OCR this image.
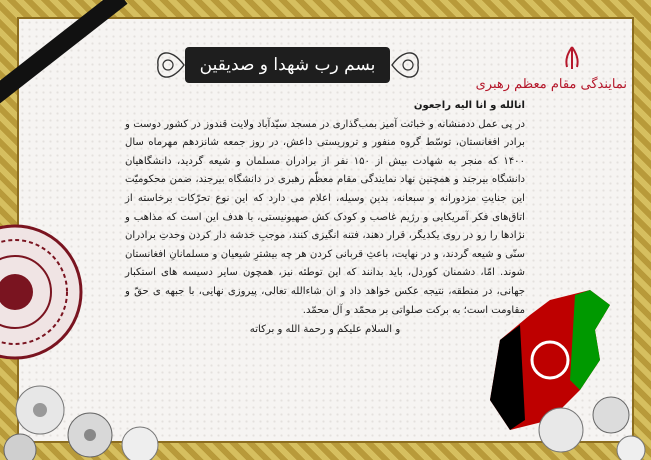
بسم رب شهدا و صدیقین
نمایندگی مقام معظم رهبری
انالله و انا الیه راجعون
در پی عمل ددمنشانه و خباثت آمیز بمب‌گذاری در مسجد سیّدآباد ولایت قندوز در کشور دوست و برادر افغانستان، توسّط گروه منفور و تروریستی داعش، در روز جمعه شانزدهم مهرماه سال ۱۴۰۰ که منجر به شهادت بیش از ۱۵۰ نفر از برادران مسلمان و شیعه گردید، دانشگاهیان دانشگاه بیرجند و همچنین نهاد نمایندگی مقام معظّم رهبری در دانشگاه بیرجند، ضمن محکومیّت این جنایتِ مزدورانه و سبعانه، بدین وسیله، اعلام می دارد که این نوع تحرّکات برخاسته از اتاق‌های فکر آمریکایی و رژیم غاصب و کودک کش صهیونیستی، با هدف این است که مذاهب و نژادها را رو در روی یکدیگر، قرار دهند، فتنه انگیزی کنند، موجبِ خدشه دار کردن وحدتِ برادران سنّی و شیعه گردند، و در نهایت، باعثِ قربانی کردن هر چه بیشترِ شیعیان و مسلمانانِ افغانستان شوند. امّا، دشمنان کوردل، باید بدانند که این توطئه نیز، همچون سایر دسیسه های استکبار جهانی، در منطقه، نتیجه عکس خواهد داد و ان شاءالله تعالی، پیروزی نهایی، با جبهه ی حقّ و مقاومت است؛ به برکت صلواتی بر محمّد و آل محمّد.
و السلام علیکم و رحمة الله و برکاته
